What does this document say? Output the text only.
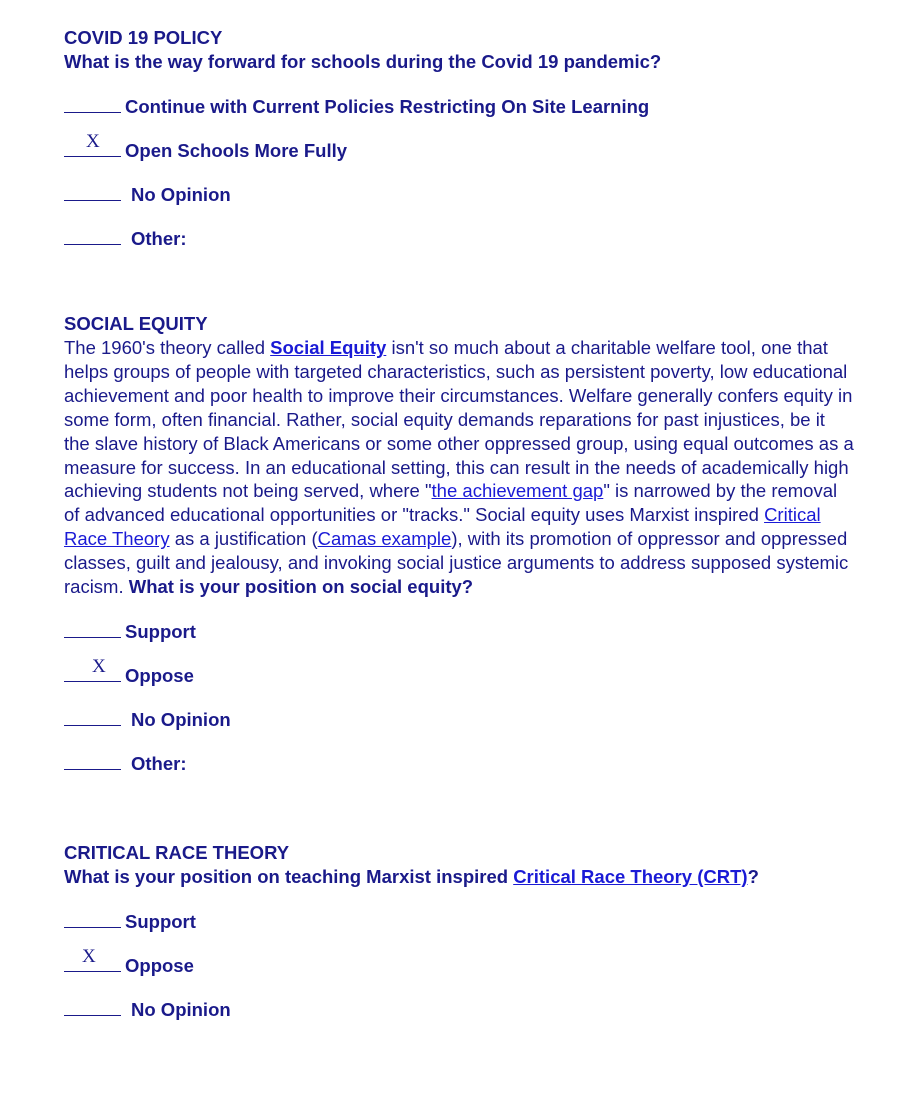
COVID 19 POLICY
What is the way forward for schools during the Covid 19 pandemic?
Continue with Current Policies Restricting On Site Learning
X Open Schools More Fully
No Opinion
Other:
SOCIAL EQUITY
The 1960's theory called Social Equity isn't so much about a charitable welfare tool, one that helps groups of people with targeted characteristics, such as persistent poverty, low educational achievement and poor health to improve their circumstances. Welfare generally confers equity in some form, often financial. Rather, social equity demands reparations for past injustices, be it the slave history of Black Americans or some other oppressed group, using equal outcomes as a measure for success. In an educational setting, this can result in the needs of academically high achieving students not being served, where "the achievement gap" is narrowed by the removal of advanced educational opportunities or "tracks." Social equity uses Marxist inspired Critical Race Theory as a justification (Camas example), with its promotion of oppressor and oppressed classes, guilt and jealousy, and invoking social justice arguments to address supposed systemic racism. What is your position on social equity?
Support
X Oppose
No Opinion
Other:
CRITICAL RACE THEORY
What is your position on teaching Marxist inspired Critical Race Theory (CRT)?
Support
X Oppose
No Opinion
